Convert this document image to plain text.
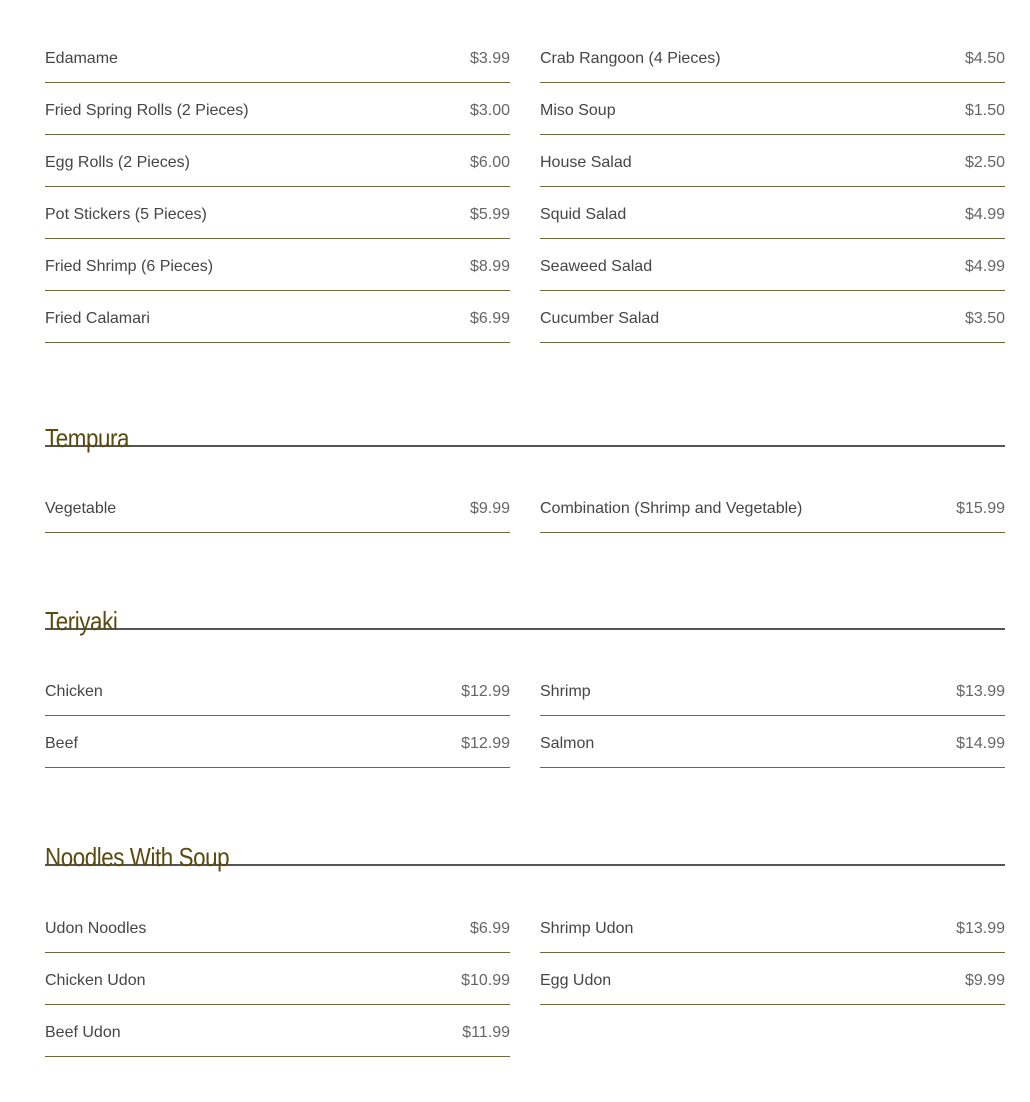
Edamame	$3.99 Crab Rangoon (4 Pieces)	$4.50
Fried Spring Rolls (2 Pieces)	$3.00 Miso Soup	$1.50
Egg Rolls (2 Pieces)	$6.00 House Salad	$2.50
Pot Stickers (5 Pieces)	$5.99 Squid Salad	$4.99
Fried Shrimp (6 Pieces)	$8.99 Seaweed Salad	$4.99
Fried Calamari	$6.99 Cucumber Salad	$3.50
Tempura
Vegetable	$9.99 Combination (Shrimp and Vegetable)	$15.99
Teriyaki
Chicken	$12.99 Shrimp	$13.99
Beef	$12.99 Salmon	$14.99
Noodles With Soup
Udon Noodles	$6.99 Shrimp Udon	$13.99
Chicken Udon	$10.99 Egg Udon	$9.99
Beef Udon	$11.99
